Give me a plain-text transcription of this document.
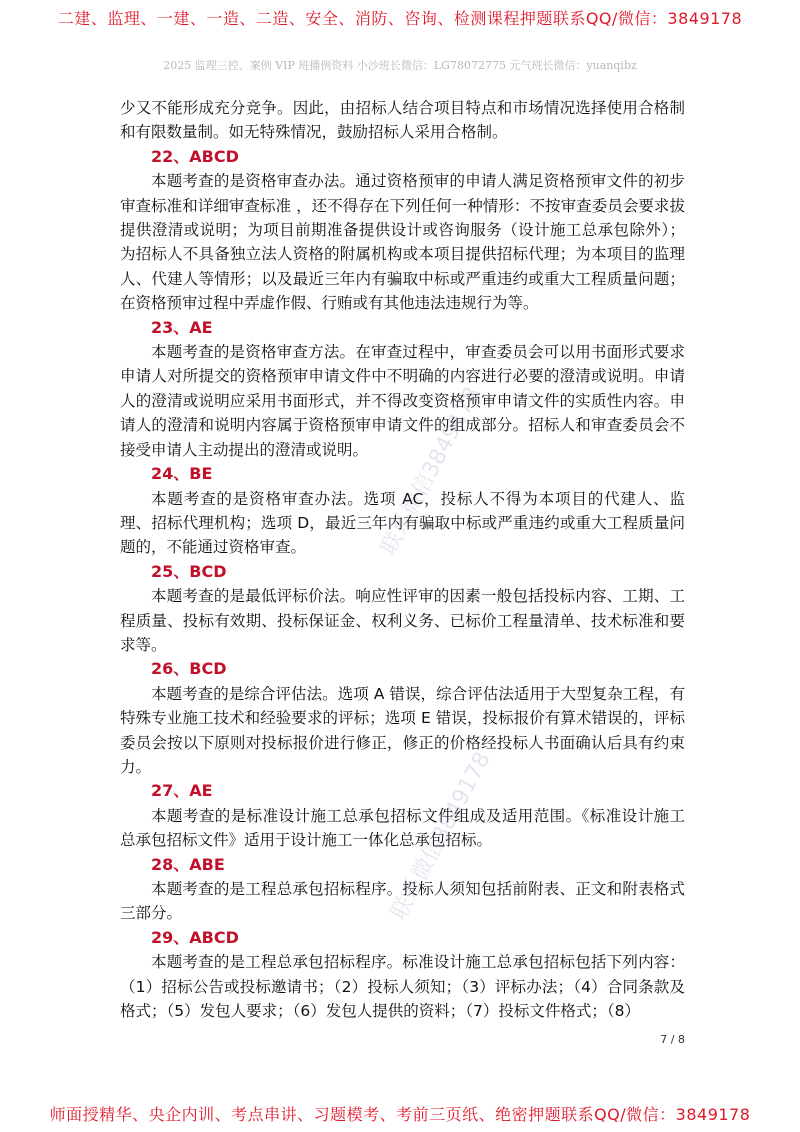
二建、监理、一建、一造、二造、安全、消防、咨询、检测课程押题联系QQ/微信：3849178
2025 监理三控、案例 VIP 班播例资料 小沙班长微信：LG78072775 元气班长微信：yuanqibz

少又不能形成充分竞争。因此，由招标人结合项目特点和市场情况选择使用合格制和有限数量制。如无特殊情况，鼓励招标人采用合格制。

22、ABCD

本题考查的是资格审查办法。通过资格预审的申请人满足资格预审文件的初步审查标准和详细审查标准 ，还不得存在下列任何一种情形：不按审查委员会要求拔提供澄清或说明；为项目前期准备提供设计或咨询服务（设计施工总承包除外）；为招标人不具备独立法人资格的附属机构或本项目提供招标代理；为本项目的监理人、代建人等情形；以及最近三年内有骗取中标或严重违约或重大工程质量问题；在资格预审过程中弄虚作假、行贿或有其他违法违规行为等。

23、AE

本题考查的是资格审查方法。在审查过程中，审查委员会可以用书面形式要求申请人对所提交的资格预审申请文件中不明确的内容进行必要的澄清或说明。申请人的澄清或说明应采用书面形式，并不得改变资格预审申请文件的实质性内容。申请人的澄清和说明内容属于资格预审申请文件的组成部分。招标人和审查委员会不接受申请人主动提出的澄清或说明。

24、BE

本题考查的是资格审查办法。选项 AC，投标人不得为本项目的代建人、监理、招标代理机构；选项 D，最近三年内有骗取中标或严重违约或重大工程质量问题的，不能通过资格审查。

25、BCD

本题考查的是最低评标价法。响应性评审的因素一般包括投标内容、工期、工程质量、投标有效期、投标保证金、权利义务、已标价工程量清单、技术标准和要求等。

26、BCD

本题考查的是综合评估法。选项 A 错误，综合评估法适用于大型复杂工程，有特殊专业施工技术和经验要求的评标；选项 E 错误，投标报价有算术错误的，评标委员会按以下原则对投标报价进行修正，修正的价格经投标人书面确认后具有约束力。

27、AE

本题考查的是标准设计施工总承包招标文件组成及适用范围。《标准设计施工总承包招标文件》适用于设计施工一体化总承包招标。

28、ABE

本题考查的是工程总承包招标程序。投标人须知包括前附表、正文和附表格式三部分。

29、ABCD

本题考查的是工程总承包招标程序。标准设计施工总承包招标包括下列内容：（1）招标公告或投标邀请书；（2）投标人须知；（3）评标办法；（4）合同条款及格式；（5）发包人要求；（6）发包人提供的资料；（7）投标文件格式；（8）

联系微信3849178
联系微信3849178
7 / 8
师面授精华、央企内训、考点串讲、习题模考、考前三页纸、绝密押题联系QQ/微信：3849178
